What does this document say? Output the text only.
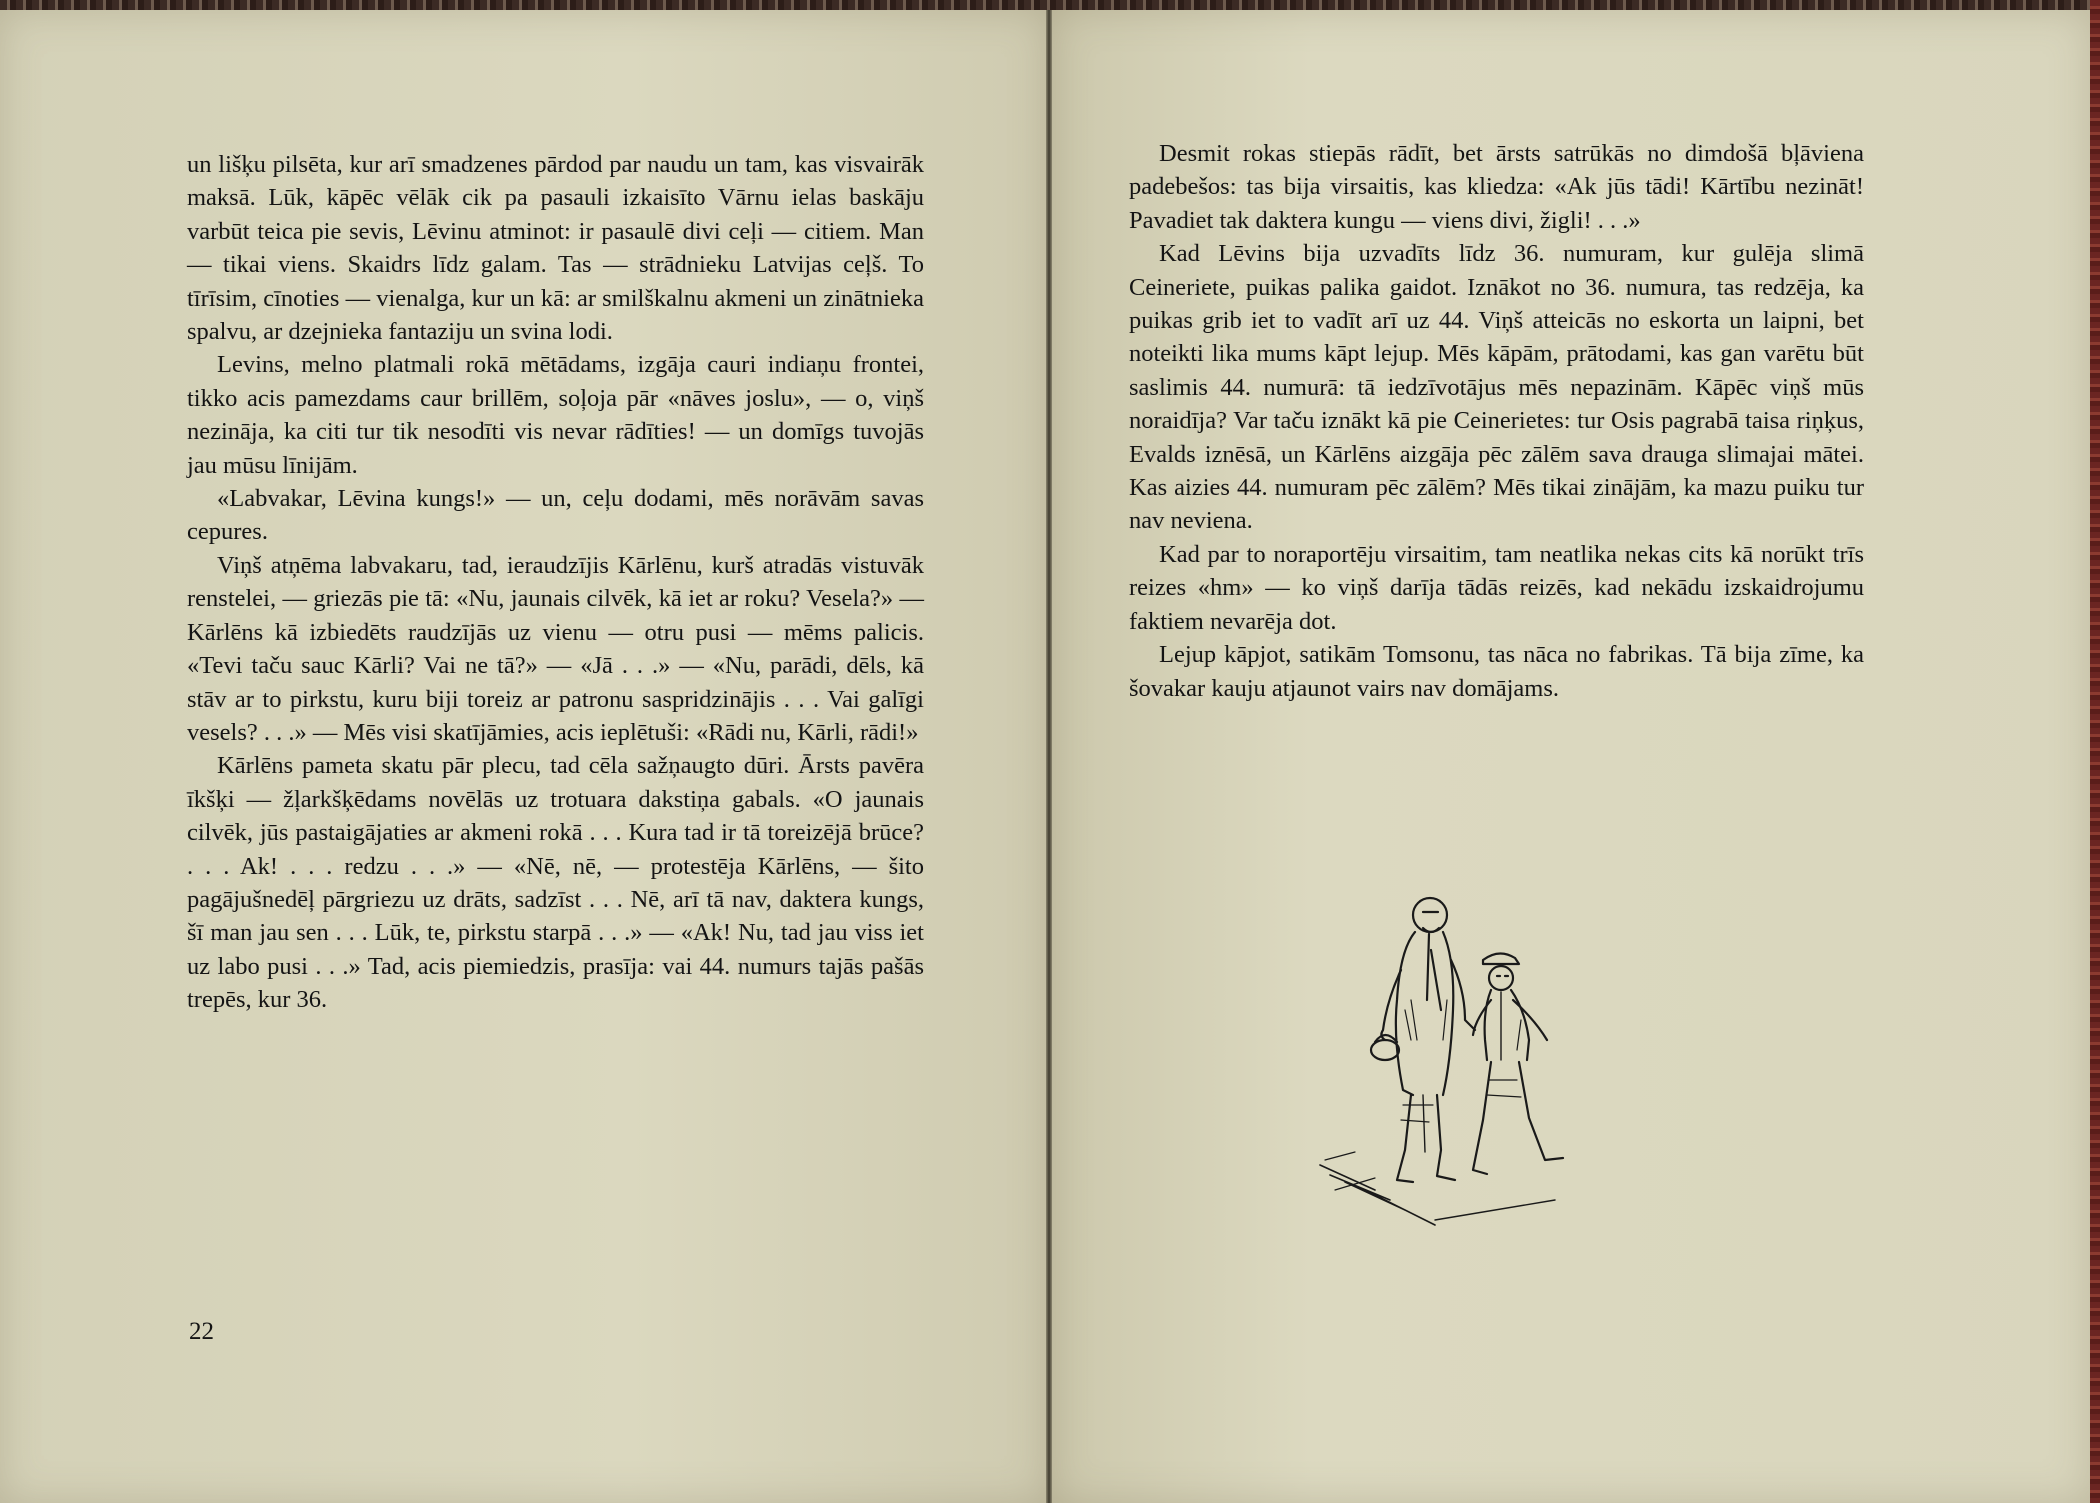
un lišķu pilsēta, kur arī smadzenes pārdod par naudu un tam, kas visvairāk maksā. Lūk, kāpēc vēlāk cik pa pasauli izkaisīto Vārnu ielas baskāju varbūt teica pie sevis, Lēvinu atminot: ir pasaulē divi ceļi — citiem. Man — tikai viens. Skaidrs līdz galam. Tas — strādnieku Latvijas ceļš. To tīrīsim, cīnoties — vienalga, kur un kā: ar smilškalnu akmeni un zinātnieka spalvu, ar dzejnieka fantaziju un svina lodi.

Levins, melno platmali rokā mētādams, izgāja cauri indiaņu frontei, tikko acis pamezdams caur brillēm, soļoja pār «nāves joslu», — o, viņš nezināja, ka citi tur tik nesodīti vis nevar rādīties! — un domīgs tuvojās jau mūsu līnijām.

«Labvakar, Lēvina kungs!» — un, ceļu dodami, mēs norāvām savas cepures.

Viņš atņēma labvakaru, tad, ieraudzījis Kārlēnu, kurš atradās vistuvāk renstelei, — griezās pie tā: «Nu, jaunais cilvēk, kā iet ar roku? Vesela?» — Kārlēns kā izbiedēts raudzījās uz vienu — otru pusi — mēms palicis. «Tevi taču sauc Kārli? Vai ne tā?» — «Jā . . .» — «Nu, parādi, dēls, kā stāv ar to pirkstu, kuru biji toreiz ar patronu saspridzinājis . . . Vai galīgi vesels? . . .» — Mēs visi skatījāmies, acis ieplētuši: «Rādi nu, Kārli, rādi!»

Kārlēns pameta skatu pār plecu, tad cēla sažņaugto dūri. Ārsts pavēra īkšķi — žļarkšķēdams novēlās uz trotuara dakstiņa gabals. «O jaunais cilvēk, jūs pastaigājaties ar akmeni rokā . . . Kura tad ir tā toreizējā brūce? . . . Ak! . . . redzu . . .» — «Nē, nē, — protestēja Kārlēns, — šito pagājušnedēļ pārgriezu uz drāts, sadzīst . . . Nē, arī tā nav, daktera kungs, šī man jau sen . . . Lūk, te, pirkstu starpā . . .» — «Ak! Nu, tad jau viss iet uz labo pusi . . .» Tad, acis piemiedzis, prasīja: vai 44. numurs tajās pašās trepēs, kur 36.

22

Desmit rokas stiepās rādīt, bet ārsts satrūkās no dimdošā bļāviena padebešos: tas bija virsaitis, kas kliedza: «Ak jūs tādi! Kārtību nezināt! Pavadiet tak daktera kungu — viens divi, žigli! . . .»

Kad Lēvins bija uzvadīts līdz 36. numuram, kur gulēja slimā Ceineriete, puikas palika gaidot. Iznākot no 36. numura, tas redzēja, ka puikas grib iet to vadīt arī uz 44. Viņš atteicās no eskorta un laipni, bet noteikti lika mums kāpt lejup. Mēs kāpām, prātodami, kas gan varētu būt saslimis 44. numurā: tā iedzīvotājus mēs nepazinām. Kāpēc viņš mūs noraidīja? Var taču iznākt kā pie Ceinerietes: tur Osis pagrabā taisa riņķus, Evalds iznēsā, un Kārlēns aizgāja pēc zālēm sava drauga slimajai mātei. Kas aizies 44. numuram pēc zālēm? Mēs tikai zinājām, ka mazu puiku tur nav neviena.

Kad par to noraportēju virsaitim, tam neatlika nekas cits kā norūkt trīs reizes «hm» — ko viņš darīja tādās reizēs, kad nekādu izskaidrojumu faktiem nevarēja dot.

Lejup kāpjot, satikām Tomsonu, tas nāca no fabrikas. Tā bija zīme, ka šovakar kauju atjaunot vairs nav domājams.
